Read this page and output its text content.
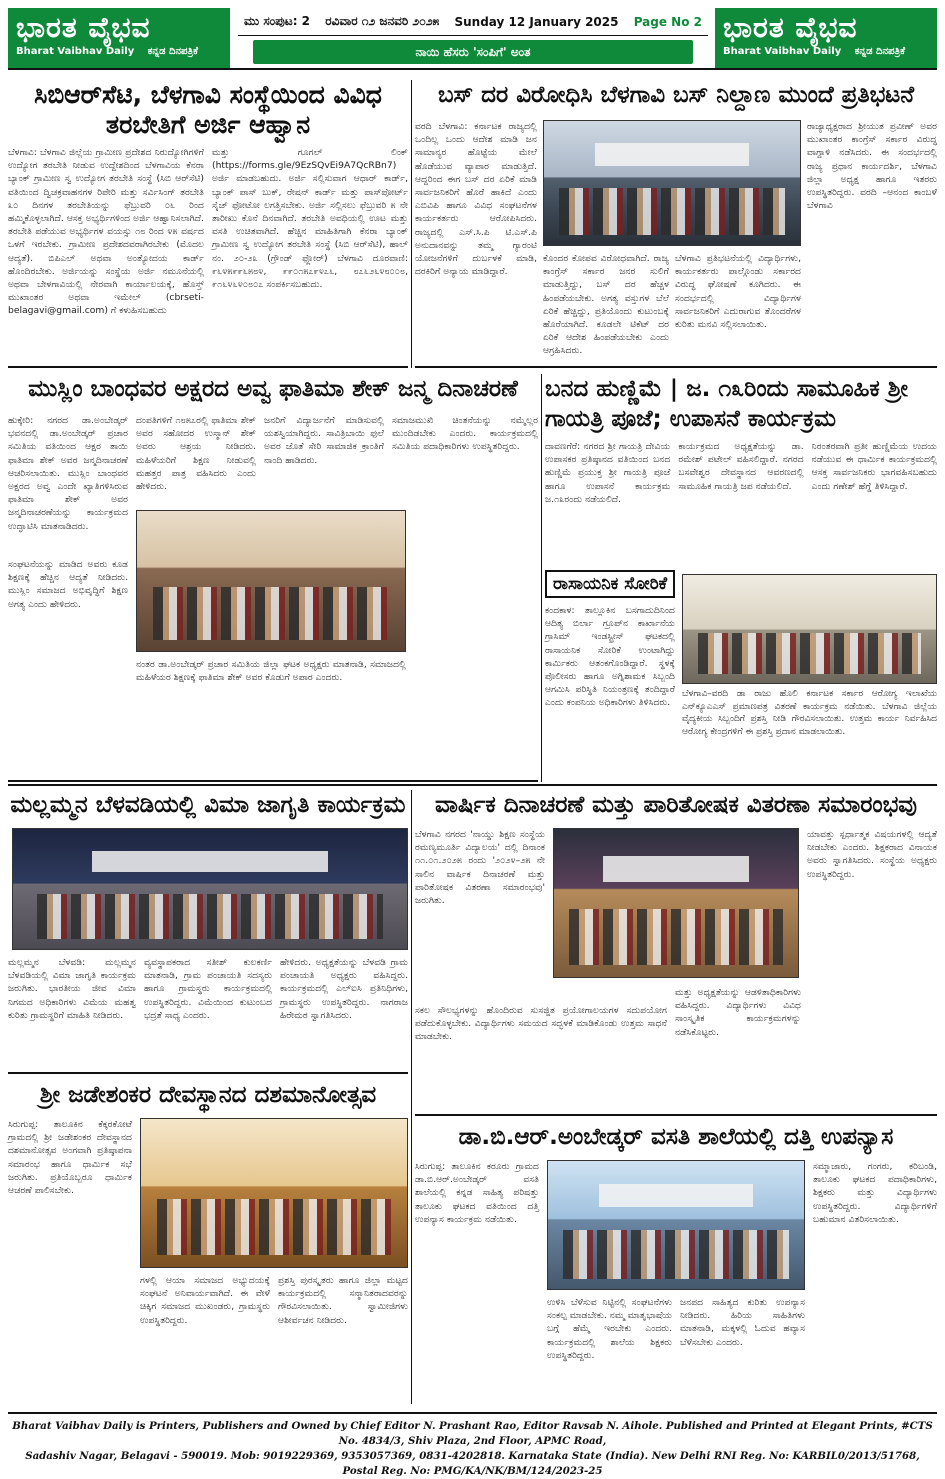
ಭಾರತ ವೈಭವ
Bharat Vaibhav Daily ಕನ್ನಡ ದಿನಪತ್ರಿಕೆ
ಮು ಸಂಪುಟ: 2 ರವಿವಾರ ೧೨ ಜನವರಿ ೨೦೨೫ Sunday 12 January 2025 Page No 2
ನಾಯಿ ಹೆಸರು 'ಸಂಪಿಗೆ' ಅಂತ
ಭಾರತ ವೈಭವ
Bharat Vaibhav Daily ಕನ್ನಡ ದಿನಪತ್ರಿಕೆ
ಸಿಬಿಆರ್‌ಸೆಟಿ, ಬೆಳಗಾವಿ ಸಂಸ್ಥೆಯಿಂದ ವಿವಿಧ ತರಬೇತಿಗೆ ಅರ್ಜಿ ಆಹ್ವಾನ
ಬೆಳಗಾವಿ: ಬೆಳಗಾವಿ ಜಿಲ್ಲೆಯ ಗ್ರಾಮೀಣ ಪ್ರದೇಶದ ನಿರುದ್ಯೋಗಿಗಳಿಗೆ ಉದ್ಯೋಗ ತರಬೇತಿ ನೀಡುವ ಉದ್ದೇಶದಿಂದ ಬೆಳಗಾವಿಯ ಕೆನರಾ ಬ್ಯಾಂಕ್ ಗ್ರಾಮೀಣ ಸ್ವ ಉದ್ಯೋಗ ತರಬೇತಿ ಸಂಸ್ಥೆ (ಸಿಬಿ ಆರ್‌ಸೆಟಿ) ವತಿಯಿಂದ ದ್ವಿಚಕ್ರವಾಹನಗಳ ರಿಪೇರಿ ಮತ್ತು ಸರ್ವಿಸಿಂಗ್ ತರಬೇತಿ ೩೦ ದಿನಗಳ ತರಬೇತಿಯನ್ನು ಫೆಬ್ರುವರಿ ೦೬ ರಿಂದ ಹಮ್ಮಿಕೊಳ್ಳಲಾಗಿದೆ. ಆಸಕ್ತ ಅಭ್ಯರ್ಥಿಗಳಿಂದ ಅರ್ಜಿ ಆಹ್ವಾನಿಸಲಾಗಿದೆ. ತರಬೇತಿ ಪಡೆಯುವ ಅಭ್ಯರ್ಥಿಗಳ ವಯಸ್ಸು ೧೮ ರಿಂದ ೪೫ ವರ್ಷದ ಒಳಗೆ ಇರಬೇಕು. ಗ್ರಾಮೀಣ ಪ್ರದೇಶದವರಾಗಿರಬೇಕು (ಮೊದಲ ಆದ್ಯತೆ). ಬಿಪಿಎಲ್ ಅಥವಾ ಅಂತ್ಯೋದಯ ಕಾರ್ಡ್ ಹೊಂದಿರಬೇಕು. ಅರ್ಜಿಯನ್ನು ಸಂಸ್ಥೆಯ ಅರ್ಜಿ ನಮೂನೆಯಲ್ಲಿ ಅಥವಾ ಬೇಳಗಾವಿಯಲ್ಲಿ ನೇರವಾಗಿ ಕಾರ್ಯಾಲಯಕ್ಕೆ, ಹೊಸ್ತ್ ಮುಖಾಂತರ ಅಥವಾ ಇಮೇಲ್ (cbrseti-belagavi@gmail.com) ಗೆ ಕಳುಹಿಸಬಹುದು
ಮತ್ತು ಗೂಗಲ್ ಲಿಂಕ್ (https://forms.gle/9EzSQvEi9A7QcRBn7) ಅರ್ಜಿ ಮಾಡಬಹುದು. ಅರ್ಜಿ ಸಲ್ಲಿಸುವಾಗ ಆಧಾರ್ ಕಾರ್ಡ್, ಬ್ಯಾಂಕ್ ಪಾಸ್ ಬುಕ್, ರೇಷನ್ ಕಾರ್ಡ್ ಮತ್ತು ಪಾಸ್‌ಪೋರ್ಟ್ ಸೈಜ್ ಫೋಟೋ ಲಗತ್ತಿಸಬೇಕು. ಅರ್ಜಿ ಸಲ್ಲಿಸಲು ಫೆಬ್ರುವರಿ ೫ ನೇ ತಾರೀಖು ಕೊನೆ ದಿನವಾಗಿದೆ. ತರಬೇತಿ ಅವಧಿಯಲ್ಲಿ ಊಟ ಮತ್ತು ವಸತಿ ಉಚಿತವಾಗಿದೆ. ಹೆಚ್ಚಿನ ಮಾಹಿತಿಗಾಗಿ ಕೆನರಾ ಬ್ಯಾಂಕ್ ಗ್ರಾಮೀಣ ಸ್ವ ಉದ್ಯೋಗ ತರಬೇತಿ ಸಂಸ್ಥೆ (ಸಿಬಿ ಆರ್‌ಸೆಟಿ), ಹಾಲ್ ನಂ. ೨೦-೨೩ (ಗ್ರೌಂಡ್ ಫ್ಲೋರ್) ಬೆಳಗಾವಿ ದೂರವಾಣಿ: ೯೬೪೫೯೯೬೫೮೪, ೯೯೦೧೫೭೯೪೭೬, ೮೭೬೨೬೪೮೦೦೮, ೯೧೬೪೬೪೦೮೦೭ ಸಂಪರ್ಕಿಸಬಹುದು.
ಬಸ್ ದರ ವಿರೋಧಿಸಿ ಬೆಳಗಾವಿ ಬಸ್ ನಿಲ್ದಾಣ ಮುಂದೆ ಪ್ರತಿಭಟನೆ
ವರದಿ ಬೆಳಗಾವಿ: ಕರ್ನಾಟಕ ರಾಜ್ಯದಲ್ಲಿ ಒಂದಿಲ್ಲ ಒಂದು ಆದೇಶ ಮಾಡಿ ಜನ ಸಾಮಾನ್ಯರ ಹೊಟ್ಟೆಯ ಮೇಲೆ ಹೊಡೆಯುವ ವ್ಯಾಪಾರ ಮಾಡುತ್ತಿದೆ. ಆದ್ದರಿಂದ ಈಗ ಬಸ್ ದರ ಏರಿಕೆ ಮಾಡಿ ಸಾರ್ವಜನಿಕರಿಗೆ ಹೊರೆ ಹಾಕಿದೆ ಎಂದು ಎಬಿವಿಪಿ ಹಾಗೂ ವಿವಿಧ ಸಂಘಟನೆಗಳ ಕಾರ್ಯಕರ್ತರು ಆರೋಪಿಸಿದರು. ರಾಜ್ಯದಲ್ಲಿ ಎಸ್.ಸಿ.ಪಿ ಟಿ.ಎಸ್.ಪಿ ಅನುದಾನವನ್ನು ತಮ್ಮ ಗ್ಯಾರಂಟಿ ಯೋಜನೆಗಳಿಗೆ ದುರ್ಬಳಕೆ ಮಾಡಿ, ದರಕಿರಿಗೆ ಅನ್ಯಾಯ ಮಾಡಿದ್ದಾರೆ.
ಕೊಂದರ ಕೋಪವ ವಿರೋಧವಾಗಿದೆ. ರಾಜ್ಯ ಕಾಂಗ್ರೆಸ್ ಸರ್ಕಾರ ಜನರ ಸುಲಿಗೆ ಮಾಡುತ್ತಿದ್ದು, ಬಸ್ ದರ ಹೆಚ್ಚಳ ಹಿಂಪಡೆಯಬೇಕು. ಅಗತ್ಯ ವಸ್ತುಗಳ ಬೆಲೆ ಏರಿಕೆ ಹೆಚ್ಚಿದ್ದು, ಪ್ರತಿಯೊಂದು ಕುಟುಂಬಕ್ಕೆ ಹೊರೆಯಾಗಿದೆ. ಕೂಡಲೇ ಟಿಕೆಟ್ ದರ ಏರಿಕೆ ಆದೇಶ ಹಿಂಪಡೆಯಬೇಕು ಎಂದು ಆಗ್ರಹಿಸಿದರು.
ಬೆಳಗಾವಿ ಪ್ರತಿಭಟನೆಯಲ್ಲಿ ವಿದ್ಯಾರ್ಥಿಗಳು, ಕಾರ್ಯಕರ್ತರು ಪಾಲ್ಗೊಂಡು ಸರ್ಕಾರದ ವಿರುದ್ಧ ಘೋಷಣೆ ಕೂಗಿದರು. ಈ ಸಂದರ್ಭದಲ್ಲಿ ವಿದ್ಯಾರ್ಥಿಗಳ ಸಾರ್ವಜನಿಕರಿಗೆ ಎದುರಾಗುವ ತೊಂದರೆಗಳ ಕುರಿತು ಮನವಿ ಸಲ್ಲಿಸಲಾಯಿತು.
ರಾಜ್ಯಾಧ್ಯಕ್ಷರಾದ ಶ್ರೀಯುತ ಪ್ರವೀಣ್ ಅವರ ಮುಖಾಂತರ ಕಾಂಗ್ರೆಸ್ ಸರ್ಕಾರ ವಿರುದ್ಧ ವಾಗ್ದಾಳಿ ನಡೆಸಿದರು. ಈ ಸಂದರ್ಭದಲ್ಲಿ ರಾಜ್ಯ ಪ್ರಧಾನ ಕಾರ್ಯದರ್ಶಿ, ಬೆಳಗಾವಿ ಜಿಲ್ಲಾ ಅಧ್ಯಕ್ಷ ಹಾಗೂ ಇತರರು ಉಪಸ್ಥಿತರಿದ್ದರು. ವರದಿ –ಆನಂದ ಕಾಂಬಳೆ ಬೆಳಗಾವಿ
ಮುಸ್ಲಿಂ ಬಾಂಧವರ ಅಕ್ಷರದ ಅವ್ವ ಫಾತಿಮಾ ಶೇಕ್ ಜನ್ಮ ದಿನಾಚರಣೆ
ಹುಕ್ಕೇರಿ: ನಗರದ ಡಾ.ಅಂಬೇಡ್ಕರ್ ಭವನದಲ್ಲಿ ಡಾ.ಅಂಬೇಡ್ಕರ್ ಪ್ರಚಾರ ಸಮಿತಿಯ ವತಿಯಿಂದ ಆಕ್ಷರ ತಾಯಿ ಫಾತಿಮಾ ಶೇಕ್ ಅವರ ಜನ್ಮದಿನಾಚರಣೆ ಆಚರಿಸಲಾಯಿತು. ಮುಸ್ಲಿಂ ಬಾಂಧವರ ಅಕ್ಷರದ ಅವ್ವ ಎಂದೇ ಖ್ಯಾತಿಗಳಿಸಿರುವ ಫಾತಿಮಾ ಶೇಕ್ ಅವರ ಜನ್ಮದಿನಾಚರಣೆಯನ್ನು ಕಾರ್ಯಕ್ರಮದ ಉದ್ಘಾಟಿಸಿ ಮಾತನಾಡಿದರು.
ದಂಪತಿಗಳಿಗೆ ೧೮೫೭ರಲ್ಲಿ ಫಾತಿಮಾ ಶೇಕ್ ಅವರ ಸಹೋದರ ಉಸ್ಮಾನ್ ಶೇಕ್ ಅವರು ಆಶ್ರಯ ನೀಡಿದರು. ಮಹಿಳೆಯರಿಗೆ ಶಿಕ್ಷಣ ನೀಡುವಲ್ಲಿ ಮಹತ್ತರ ಪಾತ್ರ ವಹಿಸಿದರು ಎಂದು ಹೇಳಿದರು.
ಜನರಿಗೆ ವಿದ್ಯಾರ್ಜನೆಗೆ ಮಾಡಿಸುವಲ್ಲಿ ಯಶಸ್ವಿಯಾಗಿದ್ದರು. ಸಾವಿತ್ರಿಬಾಯಿ ಫುಲೆ ಅವರ ಜೊತೆ ಸೇರಿ ಸಾಮಾಜಿಕ ಕ್ರಾಂತಿಗೆ ನಾಂದಿ ಹಾಡಿದರು.
ಸಮಾಜಮುಖಿ ಚಿಂತನೆಯನ್ನು ನಮ್ಮೆಲ್ಲರ ಮುಂದಿಡಬೇಕು ಎಂದರು. ಕಾರ್ಯಕ್ರಮದಲ್ಲಿ ಸಮಿತಿಯ ಪದಾಧಿಕಾರಿಗಳು ಉಪಸ್ಥಿತರಿದ್ದರು.
ಸಂಘಟನೆಯನ್ನು ಮಾಡಿದ ಅವರು ಕೂಡ ಶಿಕ್ಷಣಕ್ಕೆ ಹೆಚ್ಚಿನ ಆದ್ಯತೆ ನೀಡಿದರು. ಮುಸ್ಲಿಂ ಸಮಾಜದ ಅಭಿವೃದ್ಧಿಗೆ ಶಿಕ್ಷಣ ಅಗತ್ಯ ಎಂದು ಹೇಳಿದರು.
ನಂತರ ಡಾ.ಅಂಬೇಡ್ಕರ್ ಪ್ರಚಾರ ಸಮಿತಿಯ ಜಿಲ್ಲಾ ಘಟಕ ಅಧ್ಯಕ್ಷರು ಮಾತನಾಡಿ, ಸಮಾಜದಲ್ಲಿ ಮಹಿಳೆಯರ ಶಿಕ್ಷಣಕ್ಕೆ ಫಾತಿಮಾ ಶೇಕ್ ಅವರ ಕೊಡುಗೆ ಅಪಾರ ಎಂದರು.
ಬನದ ಹುಣ್ಣಿಮೆ | ಜ. ೧೩ರಿಂದು ಸಾಮೂಹಿಕ ಶ್ರೀ ಗಾಯತ್ರಿ ಪೂಜೆ; ಉಪಾಸನೆ ಕಾರ್ಯಕ್ರಮ
ದಾವಣಗೆರೆ: ನಗರದ ಶ್ರೀ ಗಾಯತ್ರಿ ದೇವಿಯ ಉಪಾಸಕರ ಪ್ರತಿಷ್ಠಾನದ ವತಿಯಿಂದ ಬನದ ಹುಣ್ಣಿಮೆ ಪ್ರಯುಕ್ತ ಶ್ರೀ ಗಾಯತ್ರಿ ಪೂಜೆ ಹಾಗೂ ಉಪಾಸನೆ ಕಾರ್ಯಕ್ರಮ ಜ.೧೩ರಂದು ನಡೆಯಲಿದೆ.
ಕಾರ್ಯಕ್ರಮದ ಅಧ್ಯಕ್ಷತೆಯನ್ನು ಡಾ. ರಮೇಶ್ ಪಟೇಲ್ ವಹಿಸಲಿದ್ದಾರೆ. ನಗರದ ಬಸವೇಶ್ವರ ದೇವಸ್ಥಾನದ ಆವರಣದಲ್ಲಿ ಸಾಮೂಹಿಕ ಗಾಯತ್ರಿ ಜಪ ನಡೆಯಲಿದೆ.
ನಿರಂತರವಾಗಿ ಪ್ರತೀ ಹುಣ್ಣಿಮೆಯ ಉದಯ ನಡೆಯುವ ಈ ಧಾರ್ಮಿಕ ಕಾರ್ಯಕ್ರಮದಲ್ಲಿ ಆಸಕ್ತ ಸಾರ್ವಜನಿಕರು ಭಾಗವಹಿಸಬಹುದು ಎಂದು ಗಣೇಶ್ ಹೆಗ್ಡೆ ತಿಳಿಸಿದ್ದಾರೆ.
ರಾಸಾಯನಿಕ ಸೋರಿಕೆ
ಕಂದಕಾಳ: ತಾಲ್ಲೂಕಿನ ಬಸಗಾದುದಿನಿಂದ ಆದಿತ್ಯ ಬಿರ್ಲಾ ಗ್ರೂಪ್‌ನ ಕಾರ್ಖಾನೆಯ ಗ್ರಾಸಿಮ್ ಇಂಡಸ್ಟ್ರೀಸ್ ಘಟಕದಲ್ಲಿ ರಾಸಾಯನಿಕ ಸೋರಿಕೆ ಉಂಟಾಗಿದ್ದು ಕಾರ್ಮಿಕರು ಆತಂಕಗೊಂಡಿದ್ದಾರೆ. ಸ್ಥಳಕ್ಕೆ ಪೊಲೀಸರು ಹಾಗೂ ಅಗ್ನಿಶಾಮಕ ಸಿಬ್ಬಂದಿ ಆಗಮಿಸಿ ಪರಿಸ್ಥಿತಿ ನಿಯಂತ್ರಣಕ್ಕೆ ತಂದಿದ್ದಾರೆ ಎಂದು ಕಂಪನಿಯ ಅಧಿಕಾರಿಗಳು ತಿಳಿಸಿದರು.
ಬೆಳಗಾವಿ–ವರದಿ ಡಾ ರಾಜು ಹೊಲಿ ಕರ್ನಾಟಕ ಸರ್ಕಾರ ಆರೋಗ್ಯ ಇಲಾಖೆಯ ಎನ್‌ಕ್ಯೂಎಎಸ್ ಪ್ರಮಾಣಪತ್ರ ವಿತರಣೆ ಕಾರ್ಯಕ್ರಮ ನಡೆಯಿತು. ಬೆಳಗಾವಿ ಜಿಲ್ಲೆಯ ವೈದ್ಯಕೀಯ ಸಿಬ್ಬಂದಿಗೆ ಪ್ರಶಸ್ತಿ ನೀಡಿ ಗೌರವಿಸಲಾಯಿತು. ಉತ್ತಮ ಕಾರ್ಯ ನಿರ್ವಹಿಸಿದ ಆರೋಗ್ಯ ಕೇಂದ್ರಗಳಿಗೆ ಈ ಪ್ರಶಸ್ತಿ ಪ್ರದಾನ ಮಾಡಲಾಯಿತು.
ಮಲ್ಲಮ್ಮನ ಬೆಳವಡಿಯಲ್ಲಿ ವಿಮಾ ಜಾಗೃತಿ ಕಾರ್ಯಕ್ರಮ
ಮಲ್ಲಮ್ಮನ ಬೆಳವಡಿ: ಮಲ್ಲಮ್ಮನ ಬೆಳವಡಿಯಲ್ಲಿ ವಿಮಾ ಜಾಗೃತಿ ಕಾರ್ಯಕ್ರಮ ಜರುಗಿತು. ಭಾರತೀಯ ಜೀವ ವಿಮಾ ನಿಗಮದ ಅಧಿಕಾರಿಗಳು ವಿಮೆಯ ಮಹತ್ವ ಕುರಿತು ಗ್ರಾಮಸ್ಥರಿಗೆ ಮಾಹಿತಿ ನೀಡಿದರು.
ವ್ಯವಸ್ಥಾಪಕರಾದ ಸತೀಶ್ ಕುಲಕರ್ಣಿ ಮಾತನಾಡಿ, ಗ್ರಾಮ ಪಂಚಾಯತಿ ಸದಸ್ಯರು ಹಾಗೂ ಗ್ರಾಮಸ್ಥರು ಕಾರ್ಯಕ್ರಮದಲ್ಲಿ ಉಪಸ್ಥಿತರಿದ್ದರು. ವಿಮೆಯಿಂದ ಕುಟುಂಬದ ಭದ್ರತೆ ಸಾಧ್ಯ ಎಂದರು.
ಹೇಳಿದರು. ಅಧ್ಯಕ್ಷತೆಯನ್ನು ಬೆಳವಡಿ ಗ್ರಾಮ ಪಂಚಾಯತಿ ಅಧ್ಯಕ್ಷರು ವಹಿಸಿದ್ದರು. ಕಾರ್ಯಕ್ರಮದಲ್ಲಿ ಎಲ್ಐಸಿ ಪ್ರತಿನಿಧಿಗಳು, ಗ್ರಾಮಸ್ಥರು ಉಪಸ್ಥಿತರಿದ್ದರು. ನಾಗರಾಜ ಹಿರೇಮಠ ಸ್ವಾಗತಿಸಿದರು.
ವಾರ್ಷಿಕ ದಿನಾಚರಣೆ ಮತ್ತು ಪಾರಿತೋಷಕ ವಿತರಣಾ ಸಮಾರಂಭವು
ಬೆಳಗಾವಿ ನಗರದ 'ನಾಯ್ಡು ಶಿಕ್ಷಣ ಸಂಸ್ಥೆಯ ರಮಣ್ಯಮೂರ್ತಿ ವಿದ್ಯಾಲಯ' ದಲ್ಲಿ ದಿನಾಂಕ ೧೧.೦೧.೨೦೨೫ ರಂದು '೨೦೨೪–೨೫ ನೇ ಸಾಲಿನ ವಾರ್ಷಿಕ ದಿನಾಚರಣೆ ಮತ್ತು ಪಾರಿತೋಷಕ ವಿತರಣಾ ಸಮಾರಂಭವು' ಜರುಗಿತು.
ಸಕಲ ಸೌಲಭ್ಯಗಳನ್ನು ಹೊಂದಿರುವ ಸುಸಜ್ಜಿತ ಪ್ರಯೋಗಾಲಯಗಳ ಸದುಪಯೋಗ ಪಡೆದುಕೊಳ್ಳಬೇಕು. ವಿದ್ಯಾರ್ಥಿಗಳು ಸಮಯದ ಸದ್ಭಳಕೆ ಮಾಡಿಕೊಂಡು ಉತ್ತಮ ಸಾಧನೆ ಮಾಡಬೇಕು.
ಮತ್ತು ಅಧ್ಯಕ್ಷತೆಯನ್ನು ಆಡಳಿತಾಧಿಕಾರಿಗಳು ವಹಿಸಿದ್ದರು. ವಿದ್ಯಾರ್ಥಿಗಳು ವಿವಿಧ ಸಾಂಸ್ಕೃತಿಕ ಕಾರ್ಯಕ್ರಮಗಳನ್ನು ನಡೆಸಿಕೊಟ್ಟರು.
ಯಾವತ್ತು ಸ್ಪರ್ಧಾತ್ಮಕ ವಿಷಯಗಳಲ್ಲಿ ಆದ್ಯತೆ ನೀಡಬೇಕು ಎಂದರು. ಶಿಕ್ಷಕರಾದ ವಿನಾಯಕ ಅವರು ಸ್ವಾಗತಿಸಿದರು. ಸಂಸ್ಥೆಯ ಅಧ್ಯಕ್ಷರು ಉಪಸ್ಥಿತರಿದ್ದರು.
ಶ್ರೀ ಜಡೇಶಂಕರ ದೇವಸ್ಥಾನದ ದಶಮಾನೋತ್ಸವ
ಸಿರುಗುಪ್ಪ: ತಾಲೂಕಿನ ಕೆಕ್ಕರಕೋಟೆ ಗ್ರಾಮದಲ್ಲಿ ಶ್ರೀ ಜಡೇಶಂಕರ ದೇವಸ್ಥಾನದ ದಶಮಾನೋತ್ಸವ ಅಂಗವಾಗಿ ಪ್ರತಿಷ್ಠಾಪನಾ ಸಮಾರಂಭ ಹಾಗೂ ಧಾರ್ಮಿಕ ಸಭೆ ಜರುಗಿತು. ಪ್ರತಿಯೊಬ್ಬರೂ ಧಾರ್ಮಿಕ ಆಚರಣೆ ಪಾಲಿಸಬೇಕು.
ಗಳಲ್ಲಿ ಆಯಾ ಸಮಾಜದ ಅಭ್ಯುದಯಕ್ಕೆ ಸಂಘಟನೆ ಅನಿವಾರ್ಯವಾಗಿದೆ. ಈ ವೇಳೆ ಚಿಕ್ಕಿಗ ಸಮಾಜದ ಮುಖಂಡರು, ಗ್ರಾಮಸ್ಥರು ಉಪಸ್ಥಿತರಿದ್ದರು.
ಪ್ರಶಸ್ತಿ ಪುರಸ್ಕೃತರು ಹಾಗೂ ಜಿಲ್ಲಾ ಮಟ್ಟದ ಕಾರ್ಯಕ್ರಮದಲ್ಲಿ ಸನ್ಮಾನಿತರಾದವರನ್ನು ಗೌರವಿಸಲಾಯಿತು. ಸ್ವಾಮೀಜಿಗಳು ಆಶೀರ್ವಚನ ನೀಡಿದರು.
ಡಾ.ಬಿ.ಆರ್.ಅಂಬೇಡ್ಕರ್ ವಸತಿ ಶಾಲೆಯಲ್ಲಿ ದತ್ತಿ ಉಪನ್ಯಾಸ
ಸಿರುಗುಪ್ಪ: ತಾಲೂಕಿನ ಕರೂರು ಗ್ರಾಮದ ಡಾ.ಬಿ.ಆರ್.ಅಂಬೇಡ್ಕರ್ ವಸತಿ ಶಾಲೆಯಲ್ಲಿ ಕನ್ನಡ ಸಾಹಿತ್ಯ ಪರಿಷತ್ತು ತಾಲೂಕು ಘಟಕದ ವತಿಯಿಂದ ದತ್ತಿ ಉಪನ್ಯಾಸ ಕಾರ್ಯಕ್ರಮ ನಡೆಯಿತು.
ಉಳಿಸಿ ಬೆಳೆಸುವ ನಿಟ್ಟಿನಲ್ಲಿ ಸಂಘಟನೆಗಳು ಸಂಕಲ್ಪ ಮಾಡಬೇಕು. ನಮ್ಮ ಮಾತೃಭಾಷೆಯ ಬಗ್ಗೆ ಹೆಮ್ಮೆ ಇರಬೇಕು ಎಂದರು. ಕಾರ್ಯಕ್ರಮದಲ್ಲಿ ಶಾಲೆಯ ಶಿಕ್ಷಕರು ಉಪಸ್ಥಿತರಿದ್ದರು.
ಜನಪದ ಸಾಹಿತ್ಯದ ಕುರಿತು ಉಪನ್ಯಾಸ ನೀಡಿದರು. ಹಿರಿಯ ಸಾಹಿತಿಗಳು ಮಾತನಾಡಿ, ಮಕ್ಕಳಲ್ಲಿ ಓದುವ ಹವ್ಯಾಸ ಬೆಳೆಸಬೇಕು ಎಂದರು.
ಸಮ್ಮಾಜಾರು, ಗಂಗರು, ಕರಿಬಂಡಿ, ತಾಲೂಕು ಘಟಕದ ಪದಾಧಿಕಾರಿಗಳು, ಶಿಕ್ಷಕರು ಮತ್ತು ವಿದ್ಯಾರ್ಥಿಗಳು ಉಪಸ್ಥಿತರಿದ್ದರು. ವಿದ್ಯಾರ್ಥಿಗಳಿಗೆ ಬಹುಮಾನ ವಿತರಿಸಲಾಯಿತು.
Bharat Vaibhav Daily is Printers, Publishers and Owned by Chief Editor N. Prashant Rao, Editor Ravsab N. Aihole. Published and Printed at Elegant Prints, #CTS No. 4834/3, Shiv Plaza, 2nd Floor, APMC Road,
Sadashiv Nagar, Belagavi - 590019. Mob: 9019229369, 9353057369, 0831-4202818. Karnataka State (India). New Delhi RNI Reg. No: KARBIL0/2013/51768, Postal Reg. No: PMG/KA/NK/BM/124/2023-25
